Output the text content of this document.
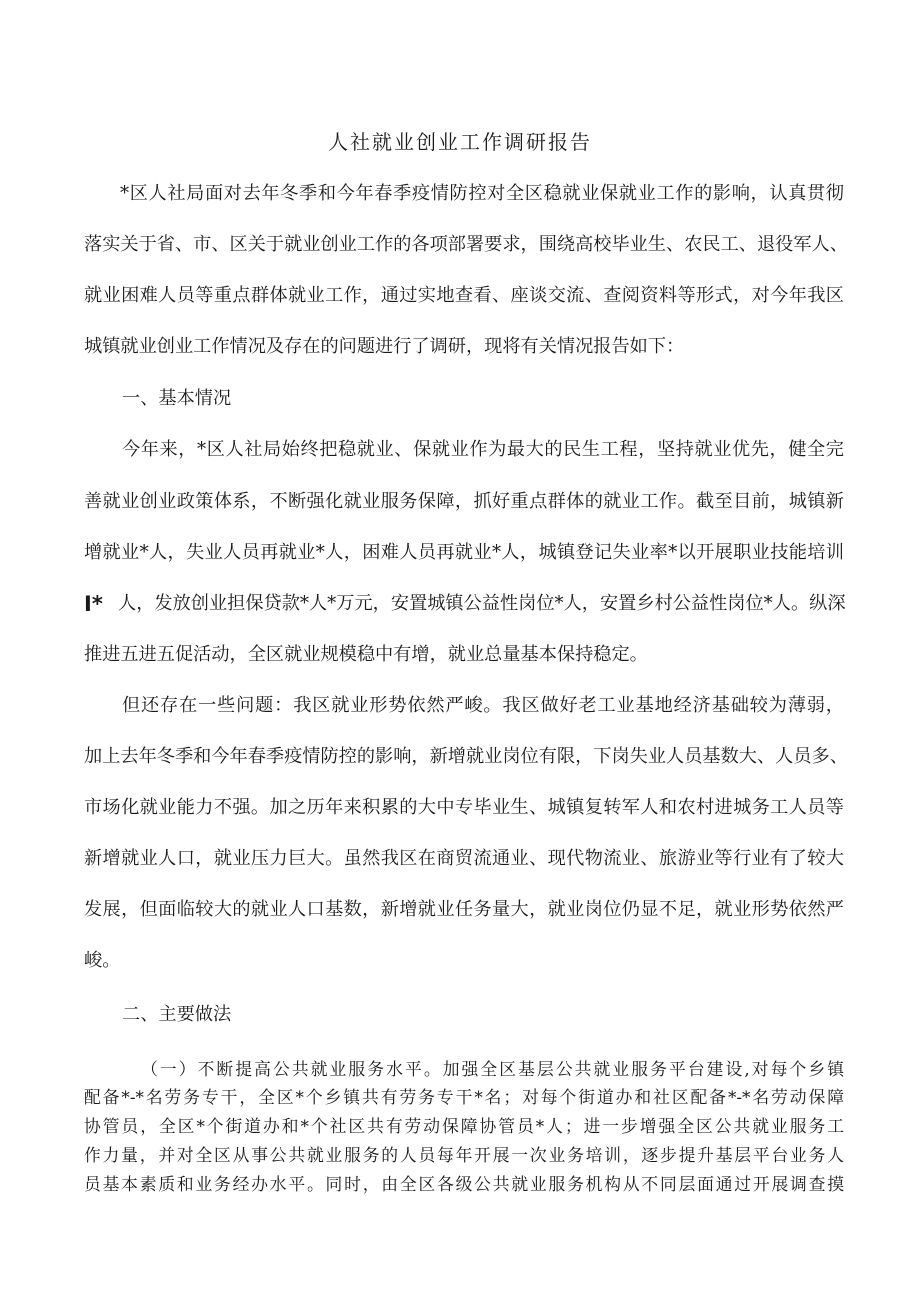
人社就业创业工作调研报告
*区人社局面对去年冬季和今年春季疫情防控对全区稳就业保就业工作的影响，认真贯彻
落实关于省、市、区关于就业创业工作的各项部署要求，围绕高校毕业生、农民工、退役军人、
就业困难人员等重点群体就业工作，通过实地查看、座谈交流、查阅资料等形式，对今年我区
城镇就业创业工作情况及存在的问题进行了调研，现将有关情况报告如下：
一、基本情况
今年来，*区人社局始终把稳就业、保就业作为最大的民生工程，坚持就业优先，健全完
善就业创业政策体系，不断强化就业服务保障，抓好重点群体的就业工作。截至目前，城镇新
增就业*人，失业人员再就业*人，困难人员再就业*人，城镇登记失业率*以开展职业技能培训
I* 人，发放创业担保贷款*人*万元，安置城镇公益性岗位*人，安置乡村公益性岗位*人。纵深
推进五进五促活动，全区就业规模稳中有增，就业总量基本保持稳定。
但还存在一些问题：我区就业形势依然严峻。我区做好老工业基地经济基础较为薄弱，
加上去年冬季和今年春季疫情防控的影响，新增就业岗位有限，下岗失业人员基数大、人员多、
市场化就业能力不强。加之历年来积累的大中专毕业生、城镇复转军人和农村进城务工人员等
新增就业人口，就业压力巨大。虽然我区在商贸流通业、现代物流业、旅游业等行业有了较大
发展，但面临较大的就业人口基数，新增就业任务量大，就业岗位仍显不足，就业形势依然严
峻。
二、主要做法
（一）不断提高公共就业服务水平。加强全区基层公共就业服务平台建设,对每个乡镇
配备*-*名劳务专干，全区*个乡镇共有劳务专干*名；对每个街道办和社区配备*-*名劳动保障
协管员，全区*个街道办和*个社区共有劳动保障协管员*人；进一步增强全区公共就业服务工
作力量，并对全区从事公共就业服务的人员每年开展一次业务培训，逐步提升基层平台业务人
员基本素质和业务经办水平。同时，由全区各级公共就业服务机构从不同层面通过开展调查摸
